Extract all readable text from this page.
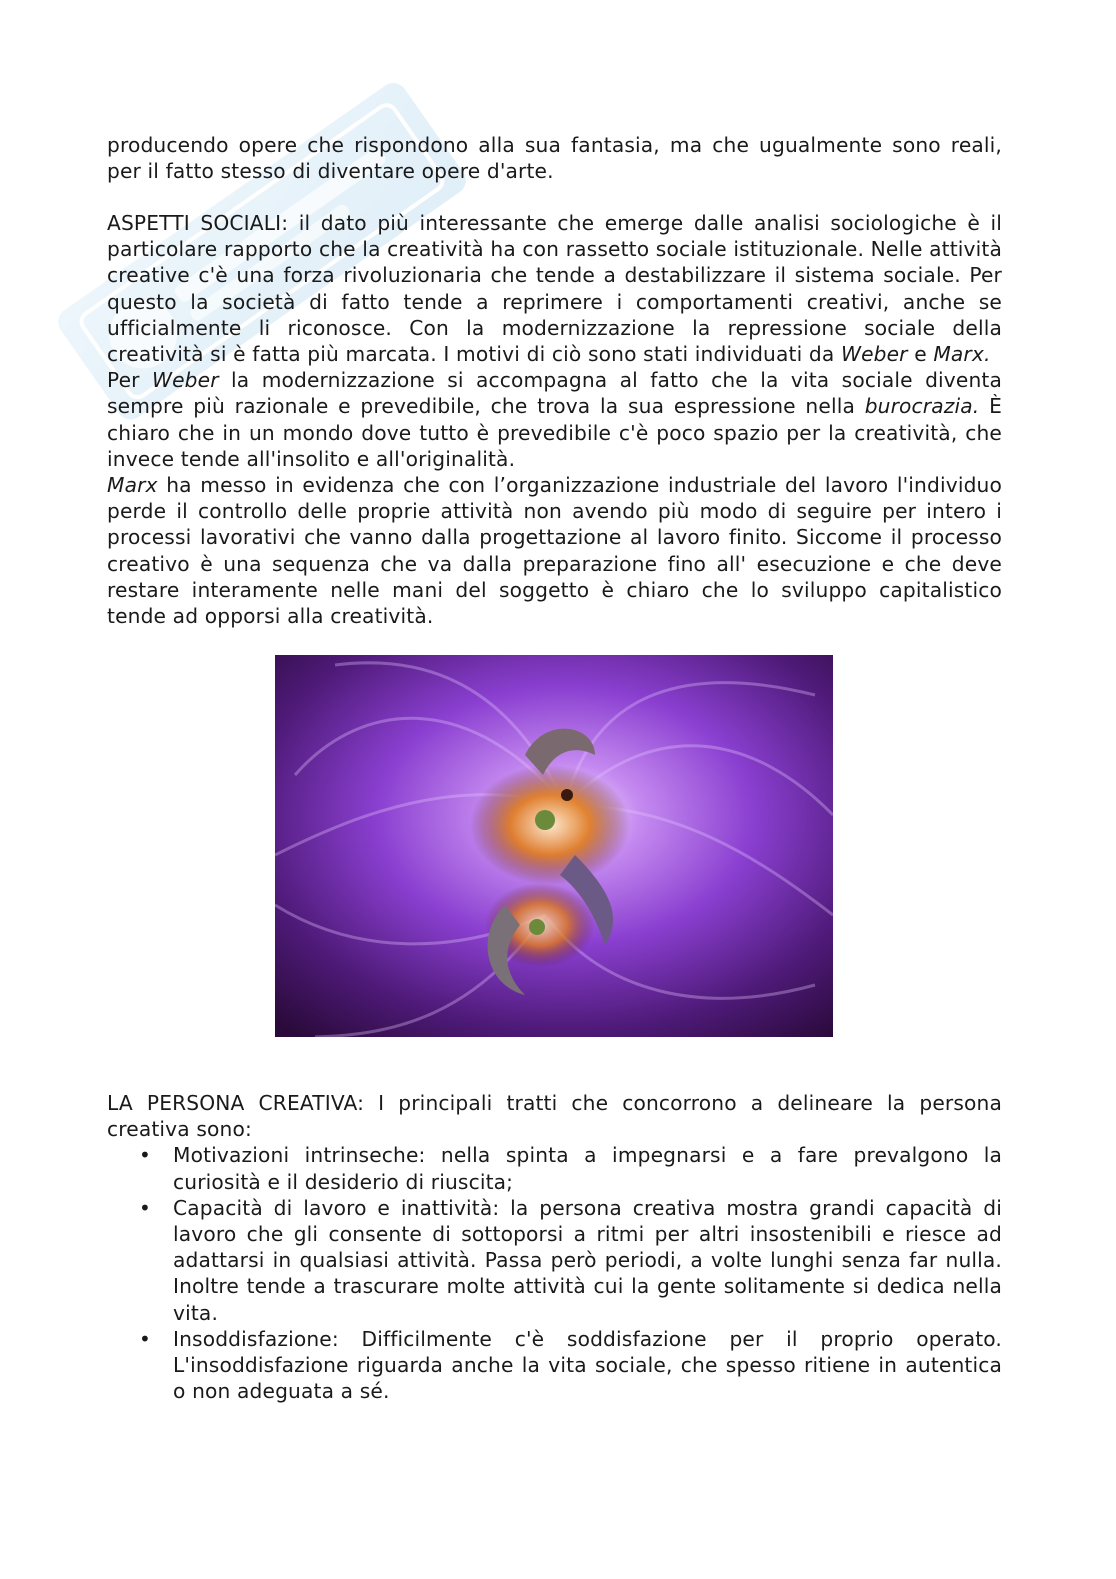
producendo opere che rispondono alla sua fantasia, ma che ugualmente sono reali, per il fatto stesso di diventare opere d'arte.

ASPETTI SOCIALI: il dato più interessante che emerge dalle analisi sociologiche è il particolare rapporto che la creatività ha con rassetto sociale istituzionale. Nelle attività creative c'è una forza rivoluzionaria che tende a destabilizzare il sistema sociale. Per questo la società di fatto tende a reprimere i comportamenti creativi, anche se ufficialmente li riconosce. Con la modernizzazione la repressione sociale della creatività si è fatta più marcata. I motivi di ciò sono stati individuati da Weber e Marx.

Per Weber la modernizzazione si accompagna al fatto che la vita sociale diventa sempre più razionale e prevedibile, che trova la sua espressione nella burocrazia. È chiaro che in un mondo dove tutto è prevedibile c'è poco spazio per la creatività, che invece tende all'insolito e all'originalità.

Marx ha messo in evidenza che con l’organizzazione industriale del lavoro l'individuo perde il controllo delle proprie attività non avendo più modo di seguire per intero i processi lavorativi che vanno dalla progettazione al lavoro finito. Siccome il processo creativo è una sequenza che va dalla preparazione fino all' esecuzione e che deve restare interamente nelle mani del soggetto è chiaro che lo sviluppo capitalistico tende ad opporsi alla creatività.

LA PERSONA CREATIVA: I principali tratti che concorrono a delineare la persona creativa sono:

• Motivazioni intrinseche: nella spinta a impegnarsi e a fare prevalgono la curiosità e il desiderio di riuscita;
• Capacità di lavoro e inattività: la persona creativa mostra grandi capacità di lavoro che gli consente di sottoporsi a ritmi per altri insostenibili e riesce ad adattarsi in qualsiasi attività. Passa però periodi, a volte lunghi senza far nulla. Inoltre tende a trascurare molte attività cui la gente solitamente si dedica nella vita.
• Insoddisfazione: Difficilmente c'è soddisfazione per il proprio operato. L'insoddisfazione riguarda anche la vita sociale, che spesso ritiene in autentica o non adeguata a sé.
